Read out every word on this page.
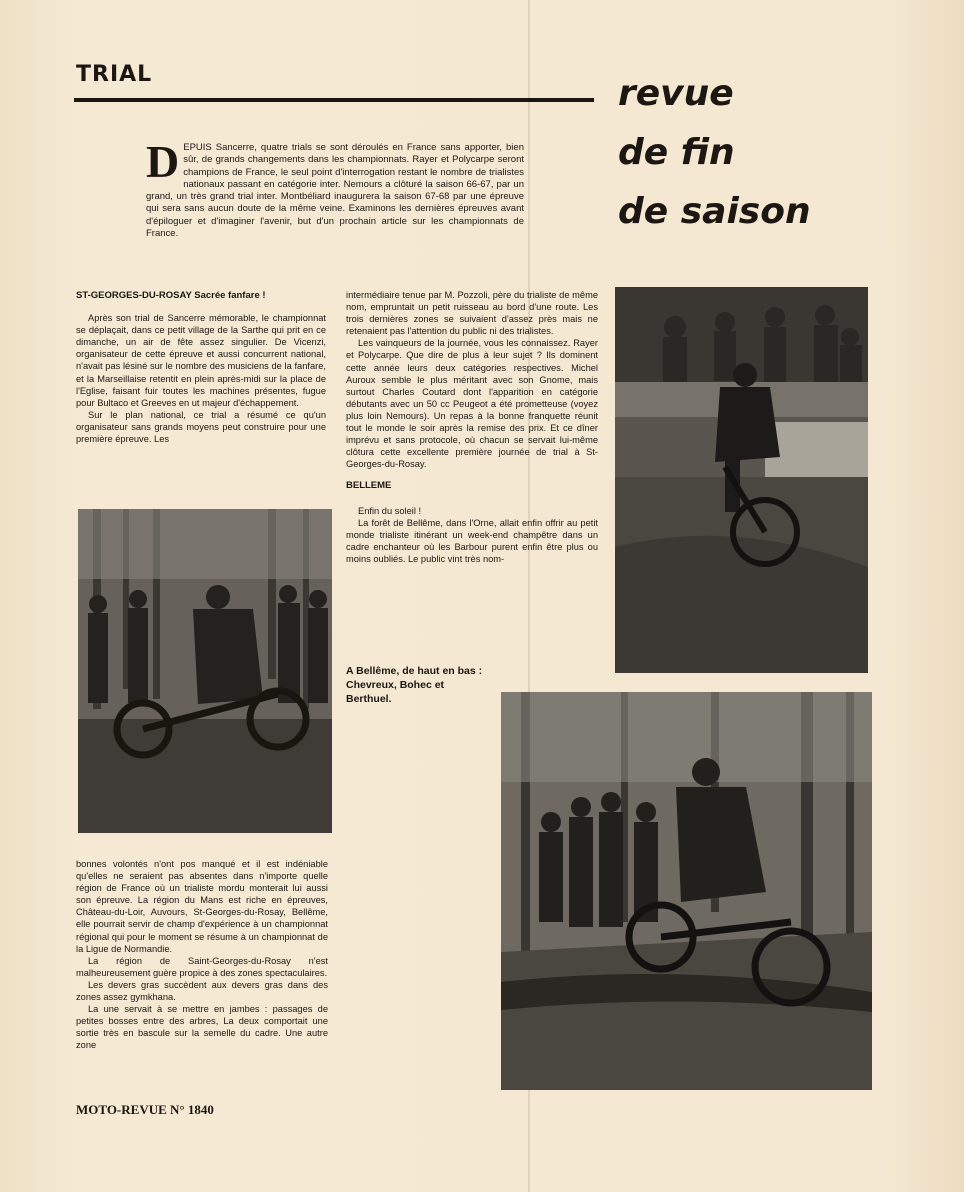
TRIAL	revue
de fin
de saison
DEPUIS Sancerre, quatre trials se sont déroulés en France sans apporter, bien sûr, de grands changements dans les championnats. Rayer et Polycarpe seront champions de France, le seul point d'interrogation restant le nombre de trialistes nationaux passant en catégorie inter. Nemours a clôturé la saison 66-67, par un grand, un très grand trial inter. Montbéliard inaugurera la saison 67-68 par une épreuve qui sera sans aucun doute de la même veine. Examinons les dernières épreuves avant d'épiloguer et d'imaginer l'avenir, but d'un prochain article sur les championnats de France.
ST-GEORGES-DU-ROSAY Sacrée fanfare !

Après son trial de Sancerre mémorable, le championnat se déplaçait, dans ce petit village de la Sarthe qui prit en ce dimanche, un air de fête assez singulier. De Vicenzi, organisateur de cette épreuve et aussi concurrent national, n'avait pas lésiné sur le nombre des musiciens de la fanfare, et la Marseillaise retentit en plein après-midi sur la place de l'Eglise, faisant fuir toutes les machines présentes, fugue pour Bultaco et Greeves en ut majeur d'échappement.

Sur le plan national, ce trial a résumé ce qu'un organisateur sans grands moyens peut construire pour une première épreuve. Les

intermédiaire tenue par M. Pozzoli, père du trialiste de même nom, empruntait un petit ruisseau au bord d'une route. Les trois dernières zones se suivaient d'assez près mais ne retenaient pas l'attention du public ni des trialistes.

Les vainqueurs de la journée, vous les connaissez. Rayer et Polycarpe. Que dire de plus à leur sujet ? Ils dominent cette année leurs deux catégories respectives. Michel Auroux semble le plus méritant avec son Gnome, mais surtout Charles Coutard dont l'apparition en catégorie débutants avec un 50 cc Peugeot a été prometteuse (voyez plus loin Nemours). Un repas à la bonne franquette réunit tout le monde le soir après la remise des prix. Et ce dîner imprévu et sans protocole, où chacun se servait lui-même clôtura cette excellente première journée de trial à St-Georges-du-Rosay.

BELLEME

Enfin du soleil !

La forêt de Bellême, dans l'Orne, allait enfin offrir au petit monde trialiste itinérant un week-end champêtre dans un cadre enchanteur où les Barbour purent enfin être plus ou moins oubliés. Le public vint très nom-

A Bellême, de haut en bas : Chevreux, Bohec et Berthuel.

bonnes volontés n'ont pos manqué et il est indéniable qu'elles ne seraient pas absentes dans n'importe quelle région de France où un trialiste mordu monterait lui aussi son épreuve. La région du Mans est riche en épreuves, Château-du-Loir, Auvours, St-Georges-du-Rosay, Bellême, elle pourrait servir de champ d'expérience à un championnat régional qui pour le moment se résume à un championnat de la Ligue de Normandie.

La région de Saint-Georges-du-Rosay n'est malheureusement guère propice à des zones spectaculaires.

Les devers gras succèdent aux devers gras dans des zones assez gymkhana.

La une servait à se mettre en jambes : passages de petites bosses entre des arbres, La deux comportait une sortie très en bascule sur la semelle du cadre. Une autre zone

MOTO-REVUE N° 1840
